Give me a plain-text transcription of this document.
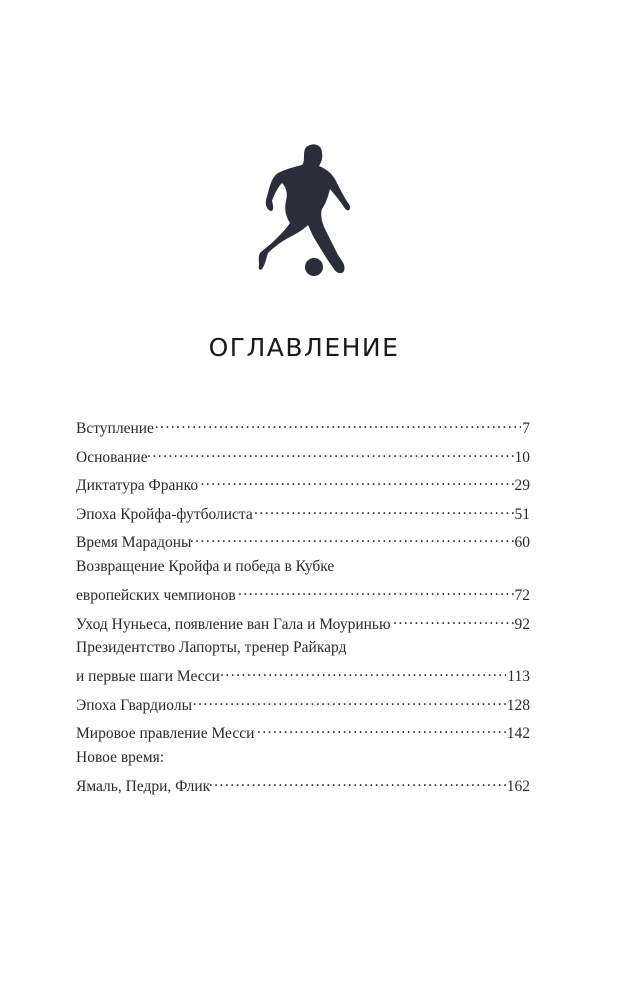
ОГЛАВЛЕНИЕ
Вступление . . .	7
Основание . . .	10
Диктатура Франко . . .	29
Эпоха Кройфа-футболиста . . .	51
Время Марадоны . . .	60
Возвращение Кройфа и победа в Кубке
европейских чемпионов . . .	72
Уход Нуньеса, появление ван Гала и Моуринью . . .	92
Президентство Лапорты, тренер Райкард
и первые шаги Месси . . .	113
Эпоха Гвардиолы . . .	128
Мировое правление Месси . . .	142
Новое время:
Ямаль, Педри, Флик . . .	162
